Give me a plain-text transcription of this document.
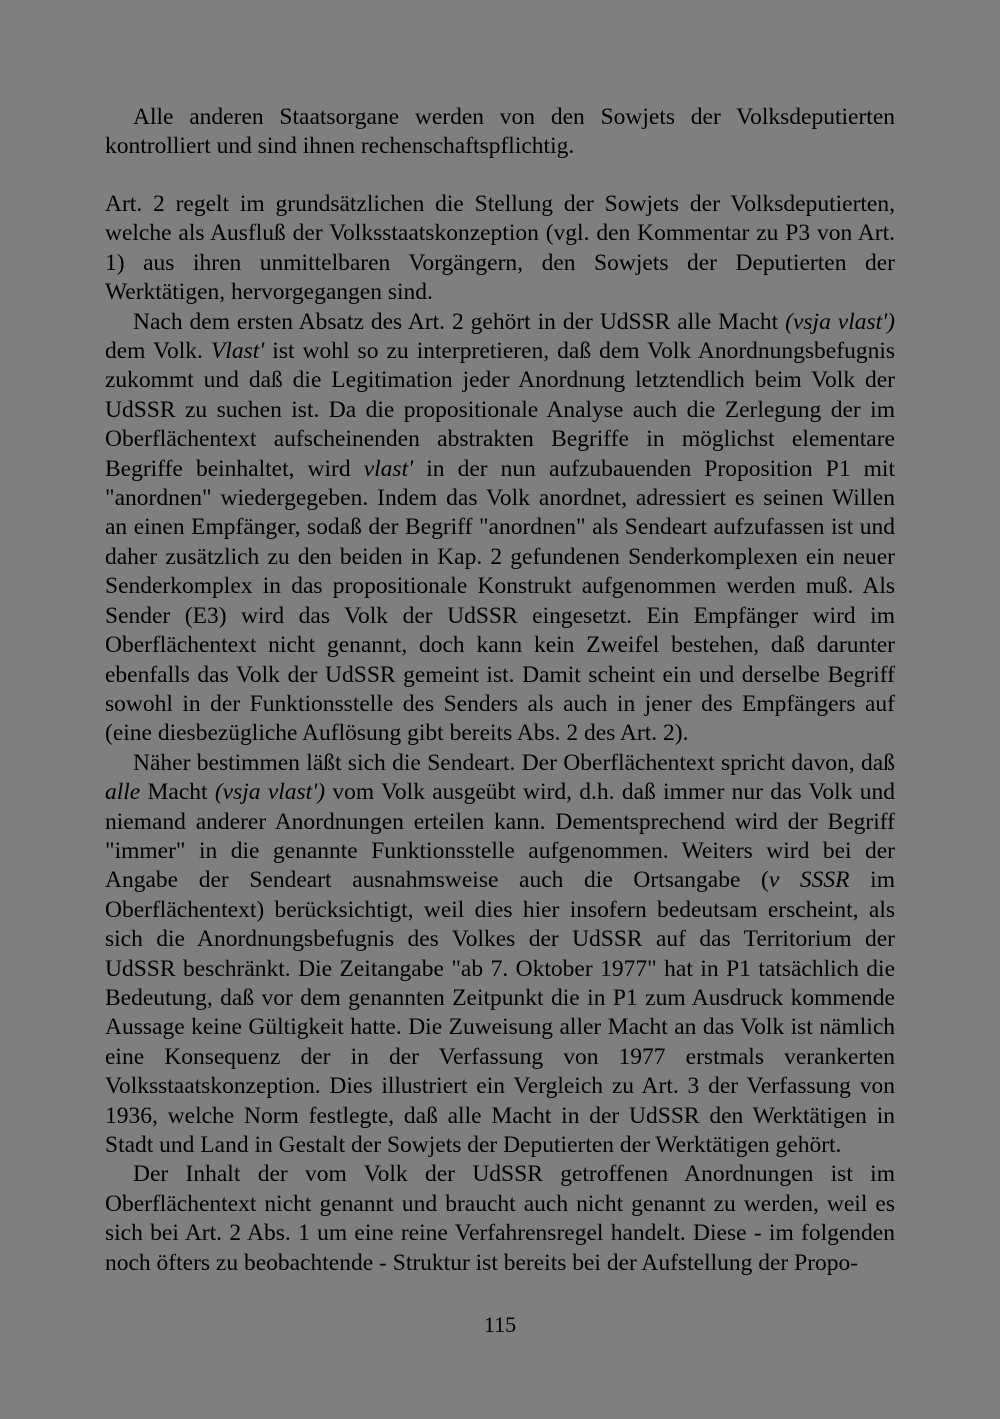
Alle anderen Staatsorgane werden von den Sowjets der Volksdeputierten kontrolliert und sind ihnen rechenschaftspflichtig.

Art. 2 regelt im grundsätzlichen die Stellung der Sowjets der Volksdeputierten, welche als Ausfluß der Volksstaatskonzeption (vgl. den Kommentar zu P3 von Art. 1) aus ihren unmittelbaren Vorgängern, den Sowjets der Deputierten der Werktätigen, hervorgegangen sind.

Nach dem ersten Absatz des Art. 2 gehört in der UdSSR alle Macht (vsja vlast') dem Volk. Vlast' ist wohl so zu interpretieren, daß dem Volk Anordnungsbefugnis zukommt und daß die Legitimation jeder Anordnung letztendlich beim Volk der UdSSR zu suchen ist. Da die propositionale Analyse auch die Zerlegung der im Oberflächentext aufscheinenden abstrakten Begriffe in möglichst elementare Begriffe beinhaltet, wird vlast' in der nun aufzubauenden Proposition P1 mit "anordnen" wiedergegeben. Indem das Volk anordnet, adressiert es seinen Willen an einen Empfänger, sodaß der Begriff "anordnen" als Sendeart aufzufassen ist und daher zusätzlich zu den beiden in Kap. 2 gefundenen Senderkomplexen ein neuer Senderkomplex in das propositionale Konstrukt aufgenommen werden muß. Als Sender (E3) wird das Volk der UdSSR eingesetzt. Ein Empfänger wird im Oberflächentext nicht genannt, doch kann kein Zweifel bestehen, daß darunter ebenfalls das Volk der UdSSR gemeint ist. Damit scheint ein und derselbe Begriff sowohl in der Funktionsstelle des Senders als auch in jener des Empfängers auf (eine diesbezügliche Auflösung gibt bereits Abs. 2 des Art. 2).

Näher bestimmen läßt sich die Sendeart. Der Oberflächentext spricht davon, daß alle Macht (vsja vlast') vom Volk ausgeübt wird, d.h. daß immer nur das Volk und niemand anderer Anordnungen erteilen kann. Dementsprechend wird der Begriff "immer" in die genannte Funktionsstelle aufgenommen. Weiters wird bei der Angabe der Sendeart ausnahmsweise auch die Ortsangabe (v SSSR im Oberflächentext) berücksichtigt, weil dies hier insofern bedeutsam erscheint, als sich die Anordnungsbefugnis des Volkes der UdSSR auf das Territorium der UdSSR beschränkt. Die Zeitangabe "ab 7. Oktober 1977" hat in P1 tatsächlich die Bedeutung, daß vor dem genannten Zeitpunkt die in P1 zum Ausdruck kommende Aussage keine Gültigkeit hatte. Die Zuweisung aller Macht an das Volk ist nämlich eine Konsequenz der in der Verfassung von 1977 erstmals verankerten Volksstaatskonzeption. Dies illustriert ein Vergleich zu Art. 3 der Verfassung von 1936, welche Norm festlegte, daß alle Macht in der UdSSR den Werktätigen in Stadt und Land in Gestalt der Sowjets der Deputierten der Werktätigen gehört.

Der Inhalt der vom Volk der UdSSR getroffenen Anordnungen ist im Oberflächentext nicht genannt und braucht auch nicht genannt zu werden, weil es sich bei Art. 2 Abs. 1 um eine reine Verfahrensregel handelt. Diese - im folgenden noch öfters zu beobachtende - Struktur ist bereits bei der Aufstellung der Propo-

115
